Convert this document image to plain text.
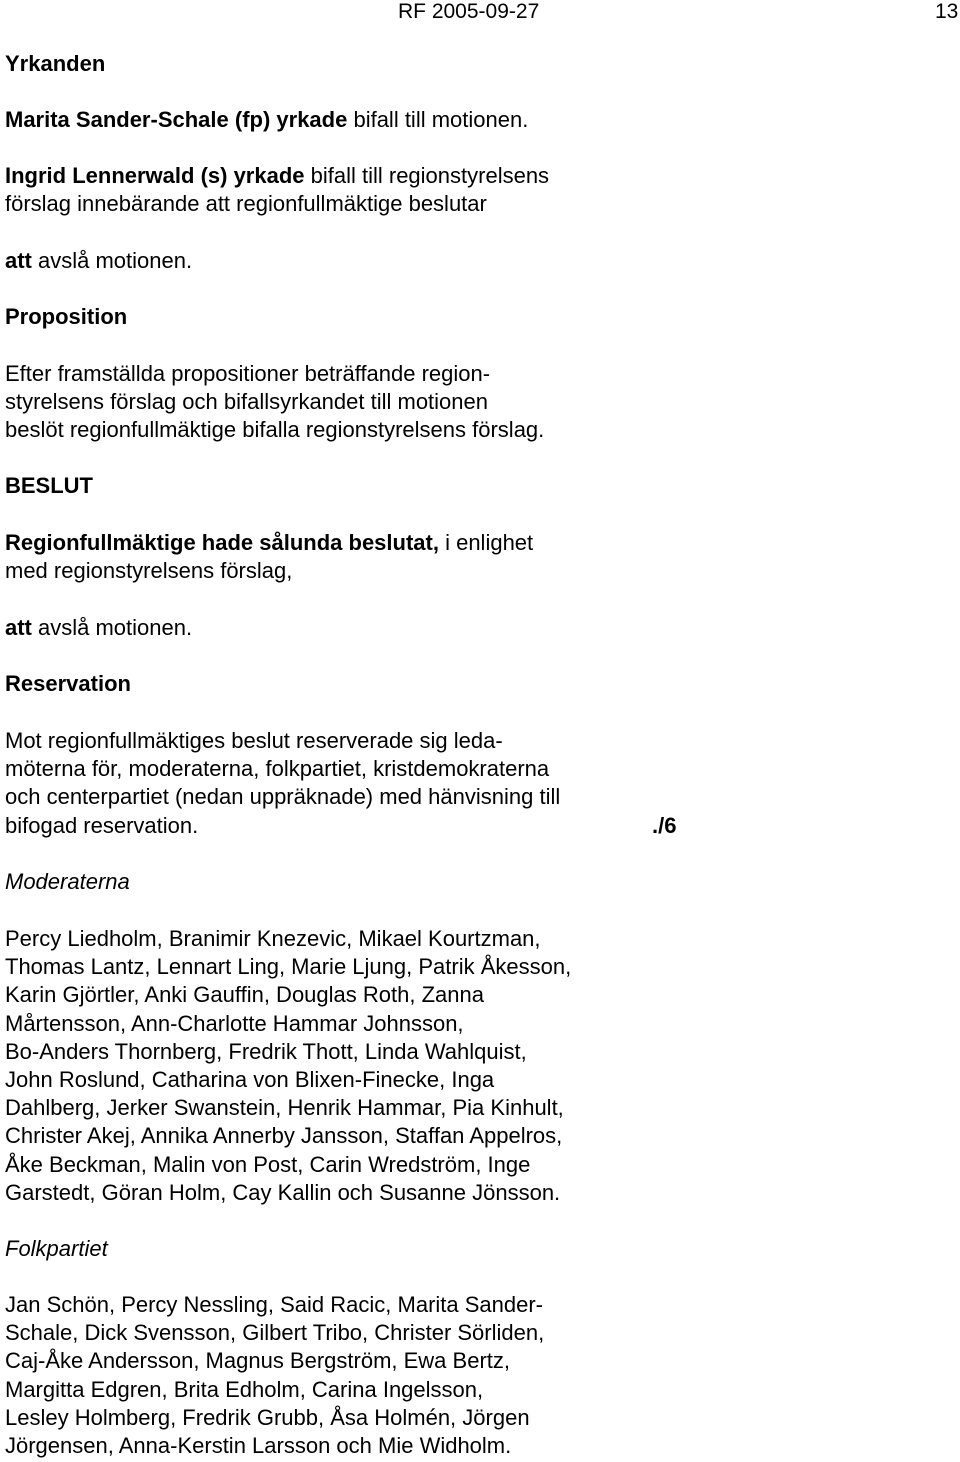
RF 2005-09-27	13
Yrkanden
Marita Sander-Schale (fp) yrkade bifall till motionen.
Ingrid Lennerwald (s) yrkade bifall till regionstyrelsens
förslag innebärande att regionfullmäktige beslutar
att avslå motionen.
Proposition
Efter framställda propositioner beträffande region-
styrelsens förslag och bifallsyrkandet till motionen
beslöt regionfullmäktige bifalla regionstyrelsens förslag.
BESLUT
Regionfullmäktige hade sålunda beslutat, i enlighet
med regionstyrelsens förslag,
att avslå motionen.
Reservation
Mot regionfullmäktiges beslut reserverade sig leda-
möterna för, moderaterna, folkpartiet, kristdemokraterna
och centerpartiet (nedan uppräknade) med hänvisning till
bifogad reservation.	./6
Moderaterna
Percy Liedholm, Branimir Knezevic, Mikael Kourtzman,
Thomas Lantz, Lennart Ling, Marie Ljung, Patrik Åkesson,
Karin Gjörtler, Anki Gauffin, Douglas Roth, Zanna
Mårtensson, Ann-Charlotte Hammar Johnsson,
Bo-Anders Thornberg, Fredrik Thott, Linda Wahlquist,
John Roslund, Catharina von Blixen-Finecke, Inga
Dahlberg, Jerker Swanstein, Henrik Hammar, Pia Kinhult,
Christer Akej, Annika Annerby Jansson, Staffan Appelros,
Åke Beckman, Malin von Post, Carin Wredström, Inge
Garstedt, Göran Holm, Cay Kallin och Susanne Jönsson.
Folkpartiet
Jan Schön, Percy Nessling, Said Racic, Marita Sander-
Schale, Dick Svensson, Gilbert Tribo, Christer Sörliden,
Caj-Åke Andersson, Magnus Bergström, Ewa Bertz,
Margitta Edgren, Brita Edholm, Carina Ingelsson,
Lesley Holmberg, Fredrik Grubb, Åsa Holmén, Jörgen
Jörgensen, Anna-Kerstin Larsson och Mie Widholm.
